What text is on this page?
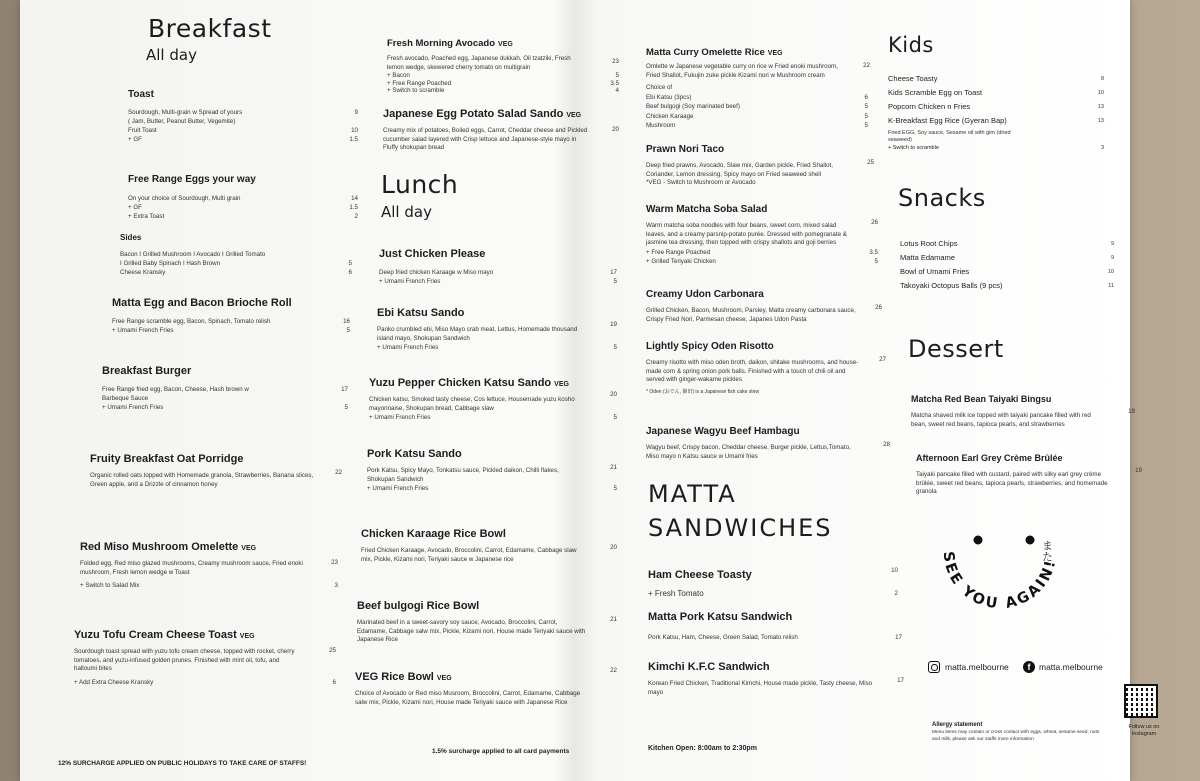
Breakfast
All day
Toast
Sourdough, Multi-grain w Spread of yours	9
( Jam, Butter, Peanut Butter, Vegemite)
Fruit Toast	10
+ GF	1.5
Free Range Eggs your way
On your choice of Sourdough, Multi grain	14
+ GF	1.5
+ Extra Toast	2
Sides
Bacon I Grilled Mushroom I Avocado I Grilled Tomato
I Grilled Baby Spinach I Hash Brown	5
Cheese Kransky	6
Matta Egg and Bacon Brioche Roll
Free Range scramble egg, Bacon, Spinach, Tomato relish	16
+ Umami French Fries	5
Breakfast Burger
Free Range fried egg, Bacon, Cheese, Hash brown w	17
Barbeque Sauce
+ Umami French Fries	5
Fruity Breakfast Oat Porridge
Organic rolled oats topped with Homemade granola, Strawberries, Banana slices, Green apple, and a Drizzle of cinnamon honey
22
Red Miso Mushroom Omelette VEG
Folded egg, Red miso glazed mushrooms, Creamy mushroom sauce, Fried enoki mushroom, Fresh lemon wedge w Toast
23
+ Switch to Salad Mix	3
Yuzu Tofu Cream Cheese Toast VEG
Sourdough toast spread with yuzu tofu cream cheese, topped with rocket, cherry tomatoes, and yuzu-infused golden prunes. Finished with mint oil, tofu, and halloumi bites
25
+ Add Extra Cheese Kransky	6
Fresh Morning Avocado VEG
Fresh avocado, Poached egg, Japanese dukkah, Oil tzatziki, Fresh lemon wedge, skewered cherry tomato on multigrain
23
+ Bacon	5
+ Free Range Poached	3.5
+ Switch to scramble	4
Japanese Egg Potato Salad Sando VEG
Creamy mix of potatoes, Boiled eggs, Carrot, Cheddar cheese and Pickled cucumber salad layered with Crisp lettuce and Japanese-style mayo in Fluffy shokupan bread
20
Lunch
All day
Just Chicken Please
Deep fried chicken Karaage w Miso mayo	17
+ Umami French Fries	5
Ebi Katsu Sando
Panko crumbled ebi, Miso Mayo crab meat, Lettus, Homemade thousand island mayo, Shokupan Sandwich
19
+ Umami French Fries	5
Yuzu Pepper Chicken Katsu Sando VEG
Chicken katsu, Smoked tasty cheese, Cos lettuce, Housemade yuzu kosho mayonnaise, Shokupan bread, Cabbage slaw
20
+ Umami French Fries	5
Pork Katsu Sando
Pork Katsu, Spicy Mayo, Tonkatsu sauce, Pickled daikon, Chilli flakes, Shokupan Sandwich
21
+ Umami French Fries	5
Chicken Karaage Rice Bowl
Fried Chicken Karaage, Avocado, Broccolini, Carrot, Edamame, Cabbage slaw mix, Pickle, Kizami nori, Teriyaki sauce w Japanese rice
20
Beef bulgogi Rice Bowl
Marinated beef in a sweet-savory soy sauce, Avocado, Broccolini, Carrot, Edamame, Cabbage salw mix, Pickle, Kizami nori, House made Teriyaki sauce with Japanese Rice
21
VEG Rice Bowl VEG
Choice of Avocado or Red miso Musroom, Broccolini, Carrot, Edamame, Cabbage salw mix, Pickle, Kizami nori, House made Teriyaki sauce with Japanese Rice
22
Matta Curry Omelette Rice VEG
Omlette w Japanese vegetable curry on rice w Fried enoki mushroom, Fried Shallot, Fukujin zuke pickle Kizami nori w Mushroom cream
22
Choice of
Ebi Katsu (3pcs)	6
Beef bulgogi (Soy marinated beef)	5
Chicken Karaage	5
Mushroom	5
Prawn Nori Taco
Deep fried prawns, Avocado, Slaw mix, Garden pickle, Fried Shallot, Coriander, Lemon dressing, Spicy mayo on Fried seaweed shell
25
*VEG - Switch to Mushroom or Avocado
Warm Matcha Soba Salad
Warm matcha soba noodles with four beans, sweet corn, mixed salad leaves, and a creamy parsnip-potato purée. Dressed with pomegranate & jasmine tea dressing, then topped with crispy shallots and goji berries
26
+ Free Range Poached	3.5
+ Grilled Teriyaki Chicken	5
Creamy Udon Carbonara
Grilled Chicken, Bacon, Mushroom, Parsley, Matta creamy carbonara sauce, Crispy Fried Nori, Parmesan cheese, Japanes Udon Pasta
26
Lightly Spicy Oden Risotto
Creamy risotto with miso oden broth, daikon, shitake mushrooms, and house-made corn & spring onion pork balls. Finished with a touch of chili oil and served with ginger-wakame pickles
27
* Oden (おでん, 御田) is a Japanese fish cake stew
Japanese Wagyu Beef Hambagu
Wagyu beef, Crispy bacon, Cheddar cheese, Burger pickle, Lettus,Tomato, Miso mayo n Katsu sauce w Umami fries
28
MATTA
SANDWICHES
Ham Cheese Toasty	10
+ Fresh Tomato	2
Matta Pork Katsu Sandwich
Pork Katsu, Ham, Cheese, Green Salad, Tomato relish	17
Kimchi K.F.C Sandwich
Korean Fried Chicken, Traditional Kimchi, House made pickle, Tasty cheese, Miso mayo
17
Kids
Cheese Toasty	8
Kids Scramble Egg on Toast	10
Popcorn Chicken n Fries	13
K-Breakfast Egg Rice (Gyeran Bap)	13
Fried EGG, Soy sauce, Sesame oil with gim (dried seaweed)
+ Switch to scramble	3
Snacks
Lotus Root Chips	9
Matta Edamame	9
Bowl of Umami Fries	10
Takoyaki Octopus Balls (9 pcs)	11
Dessert
Matcha Red Bean Taiyaki Bingsu
Matcha shaved milk ice topped with taiyaki pancake filled with red bean, sweet red beans, tapioca pearls, and strawberries
19
Afternoon Earl Grey Crème Brûlée
Taiyaki pancake filled with custard, paired with silky earl grey crème brûlée, sweet red beans, tapioca pearls, strawberries, and homemade granola
19
また
SEE YOU AGAIN!
matta.melbourne	f	matta.melbourne
Follow us on Instagram
Allergy statement
Menu items may contain or cross contact with eggs, wheat, sesame seed, nuts and milk, please ask our staffs more information
12% SURCHARGE APPLIED ON PUBLIC HOLIDAYS TO TAKE CARE OF STAFFS!
1.5% surcharge applied to all card payments	Kitchen Open: 8:00am to 2:30pm
